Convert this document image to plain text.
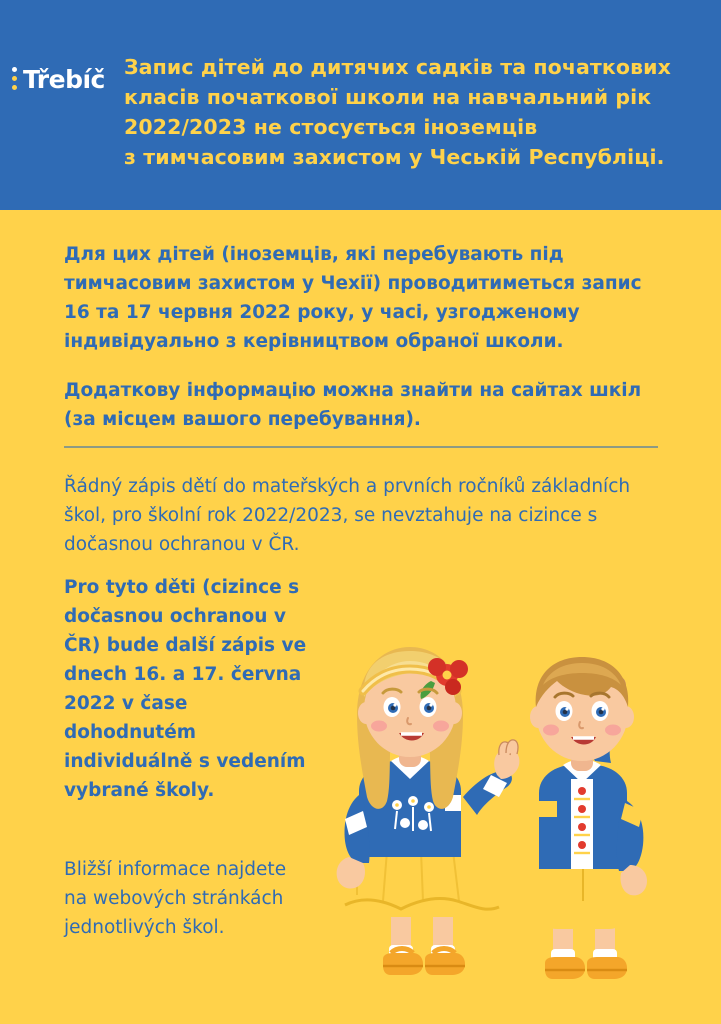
Třebíč Запис дітей до дитячих садків та початкових

класів початкової школи на навчальний рік

2022/2023 не стосується іноземців

з тимчасовим захистом у Чеській Республіці.

Для цих дітей (іноземців, які перебувають під тимчасовим захистом у Чехії) проводитиметься запис 16 та 17 червня 2022 року, у часі, узгодженому індивідуально з керівництвом обраної школи.

Додаткову інформацію можна знайти на сайтах шкіл (за місцем вашого перебування).

Řádný zápis dětí do mateřských a prvních ročníků základních škol, pro školní rok 2022/2023, se nevztahuje na cizince s dočasnou ochranou v ČR.

Pro tyto děti (cizince s dočasnou ochranou v ČR) bude další zápis ve dnech 16. a 17. června 2022 v čase dohodnutém individuálně s vedením vybrané školy.

Bližší informace najdete na webových stránkách jednotlivých škol.
